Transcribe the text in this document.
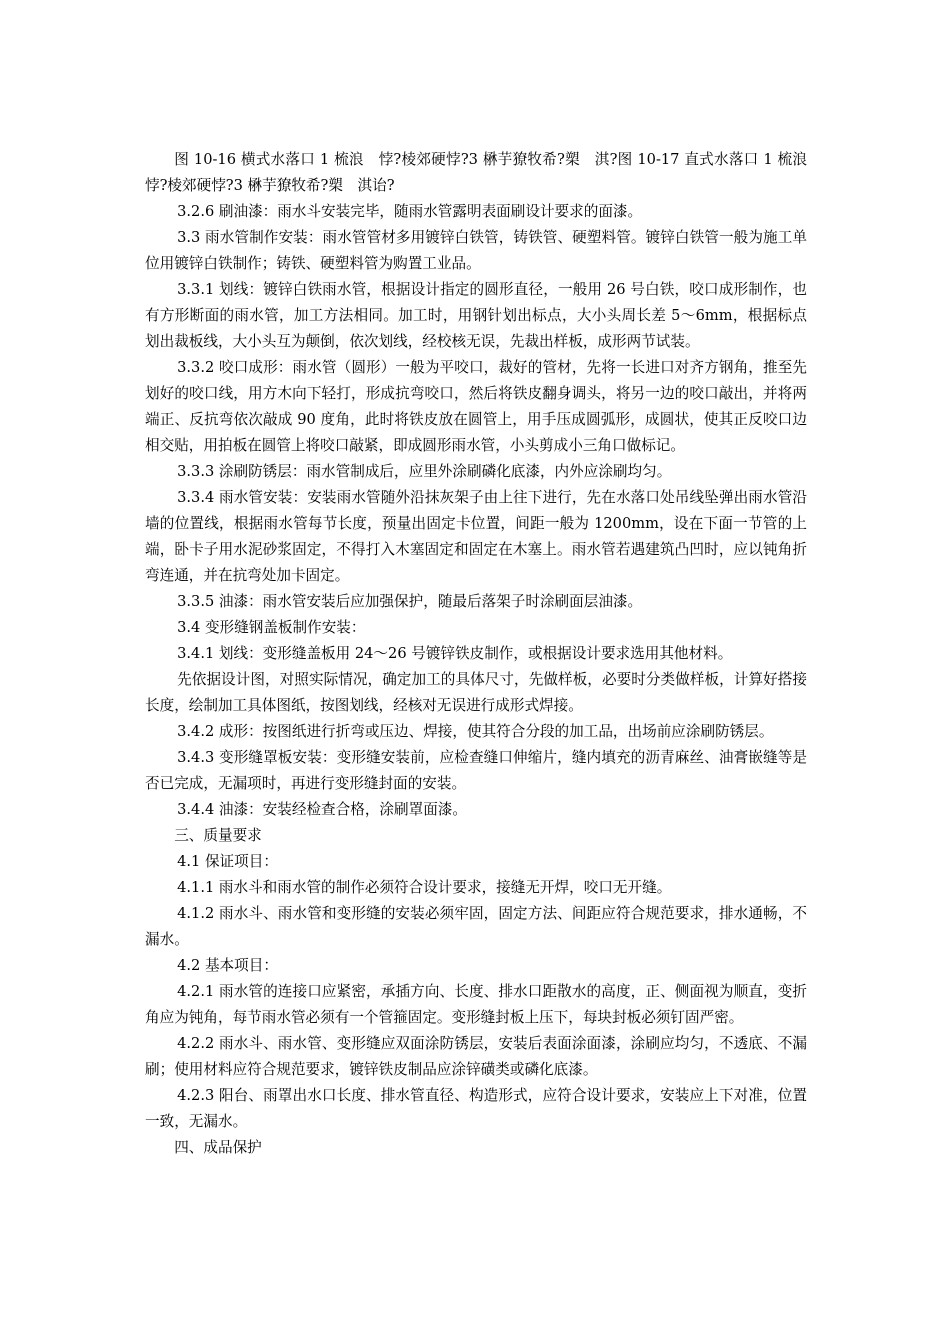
图 10-16 横式水落口 1 梳浪　悖?棱郊硬悖?3 楙芋獠牧希?槊　淇?图 10-17 直式水落口 1 梳浪　悖?棱郊硬悖?3 楙芋獠牧希?槊　淇诒?

3.2.6 刷油漆：雨水斗安装完毕，随雨水管露明表面刷设计要求的面漆。

3.3 雨水管制作安装：雨水管管材多用镀锌白铁管，铸铁管、硬塑料管。镀锌白铁管一般为施工单位用镀锌白铁制作；铸铁、硬塑料管为购置工业品。

3.3.1 划线：镀锌白铁雨水管，根据设计指定的圆形直径，一般用 26 号白铁，咬口成形制作，也有方形断面的雨水管，加工方法相同。加工时，用钢针划出标点，大小头周长差 5～6mm，根据标点划出裁板线，大小头互为颠倒，依次划线，经校核无误，先裁出样板，成形两节试装。

3.3.2 咬口成形：雨水管（圆形）一般为平咬口，裁好的管材，先将一长进口对齐方钢角，推至先划好的咬口线，用方木向下轻打，形成抗弯咬口，然后将铁皮翻身调头，将另一边的咬口敲出，并将两端正、反抗弯依次敲成 90 度角，此时将铁皮放在圆管上，用手压成圆弧形，成圆状，使其正反咬口边相交贴，用拍板在圆管上将咬口敲紧，即成圆形雨水管，小头剪成小三角口做标记。

3.3.3 涂刷防锈层：雨水管制成后，应里外涂刷磷化底漆，内外应涂刷均匀。

3.3.4 雨水管安装：安装雨水管随外沿抹灰架子由上往下进行，先在水落口处吊线坠弹出雨水管沿墙的位置线，根据雨水管每节长度，预量出固定卡位置，间距一般为 1200mm，设在下面一节管的上端，卧卡子用水泥砂浆固定，不得打入木塞固定和固定在木塞上。雨水管若遇建筑凸凹时，应以钝角折弯连通，并在抗弯处加卡固定。

3.3.5 油漆：雨水管安装后应加强保护，随最后落架子时涂刷面层油漆。

3.4 变形缝钢盖板制作安装：

3.4.1 划线：变形缝盖板用 24～26 号镀锌铁皮制作，或根据设计要求选用其他材料。

先依据设计图，对照实际情况，确定加工的具体尺寸，先做样板，必要时分类做样板，计算好搭接长度，绘制加工具体图纸，按图划线，经核对无误进行成形式焊接。

3.4.2 成形：按图纸进行折弯或压边、焊接，使其符合分段的加工品，出场前应涂刷防锈层。

3.4.3 变形缝罩板安装：变形缝安装前，应检查缝口伸缩片，缝内填充的沥青麻丝、油膏嵌缝等是否已完成，无漏项时，再进行变形缝封面的安装。

3.4.4 油漆：安装经检查合格，涂刷罩面漆。

三、质量要求

4.1 保证项目：

4.1.1 雨水斗和雨水管的制作必须符合设计要求，接缝无开焊，咬口无开缝。

4.1.2 雨水斗、雨水管和变形缝的安装必须牢固，固定方法、间距应符合规范要求，排水通畅，不漏水。

4.2 基本项目：

4.2.1 雨水管的连接口应紧密，承插方向、长度、排水口距散水的高度，正、侧面视为顺直，变折角应为钝角，每节雨水管必须有一个管箍固定。变形缝封板上压下，每块封板必须钉固严密。

4.2.2 雨水斗、雨水管、变形缝应双面涂防锈层，安装后表面涂面漆，涂刷应均匀，不透底、不漏刷；使用材料应符合规范要求，镀锌铁皮制品应涂锌磺类或磷化底漆。

4.2.3 阳台、雨罩出水口长度、排水管直径、构造形式，应符合设计要求，安装应上下对准，位置一致，无漏水。

四、成品保护
